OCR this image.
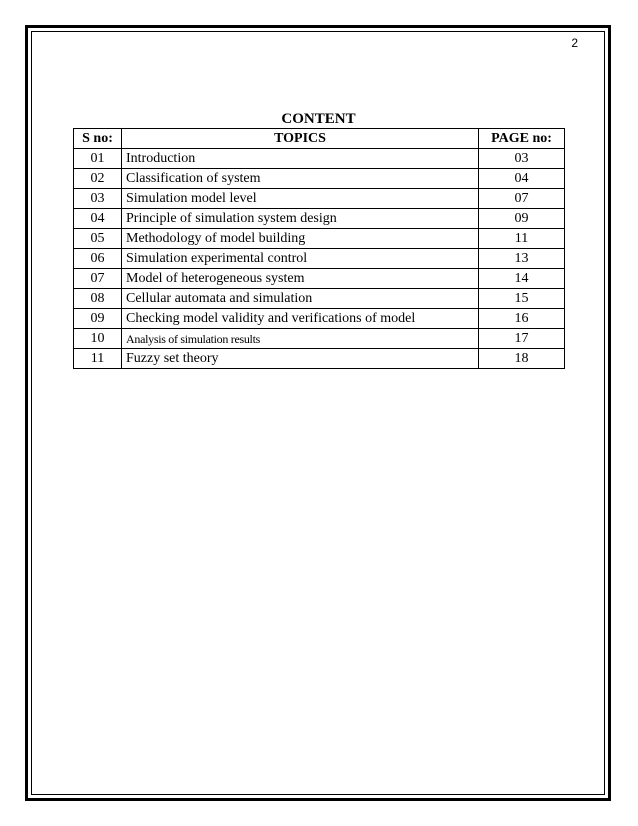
2
CONTENT
S no:	TOPICS	PAGE no:
01	Introduction	03
02	Classification of system	04
03	Simulation model level	07
04	Principle of simulation system design	09
05	Methodology of model building	11
06	Simulation experimental control	13
07	Model of heterogeneous system	14
08	Cellular automata and simulation	15
09	Checking model validity and verifications of model	16
10	Analysis of simulation results	17
11	Fuzzy set theory	18
